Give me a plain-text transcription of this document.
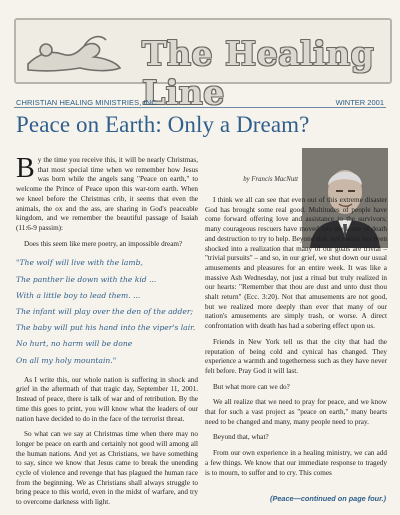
The Healing Line
CHRISTIAN HEALING MINISTRIES, INC.	WINTER 2001
Peace on Earth: Only a Dream?

By the time you receive this, it will be nearly Christmas, that most special time when we remember how Jesus was born while the angels sang "Peace on earth," to welcome the Prince of Peace upon this war-torn earth. When we kneel before the Christmas crib, it seems that even the animals, the ox and the ass, are sharing in God's peaceable kingdom, and we remember the beautiful passage of Isaiah (11:6-9 passim):

Does this seem like mere poetry, an impossible dream?

"The wolf will live with the lamb,
The panther lie down with the kid ...
With a little boy to lead them. ...
The infant will play over the den of the adder;
The baby will put his hand into the viper's lair.
No hurt, no harm will be done
On all my holy mountain."

As I write this, our whole nation is suffering in shock and grief in the aftermath of that tragic day, September 11, 2001. Instead of peace, there is talk of war and of retribution. By the time this goes to print, you will know what the leaders of our nation have decided to do in the face of the terrorist threat.

So what can we say at Christmas time when there may no longer be peace on earth and certainly not good will among all the human nations. And yet as Christians, we have something to say, since we know that Jesus came to break the unending cycle of violence and revenge that has plagued the human race from the beginning. We as Christians shall always struggle to bring peace to this world, even in the midst of warfare, and try to overcome darkness with light.

by Francis MacNutt

I think we all can see that even out of this extreme disaster God has brought some real good. Multitudes of people have come forward offering love and assistance to the survivors; many courageous rescuers have moved into the scene of death and destruction to try to help. Beyond that, our nation has been shocked into a realization that many of our goals are trivial – "trivial pursuits" – and so, in our grief, we shut down our usual amusements and pleasures for an entire week. It was like a massive Ash Wednesday, not just a ritual but truly realized in our hearts: "Remember that thou are dust and unto dust thou shalt return" (Ecc. 3:20). Not that amusements are not good, but we realized more deeply than ever that many of our nation's amusements are simply trash, or worse. A direct confrontation with death has had a sobering effect upon us.

Friends in New York tell us that the city that had the reputation of being cold and cynical has changed. They experience a warmth and togetherness such as they have never felt before. Pray God it will last.

But what more can we do?

We all realize that we need to pray for peace, and we know that for such a vast project as "peace on earth," many hearts need to be changed and many, many people need to pray.

Beyond that, what?

From our own experience in a healing ministry, we can add a few things. We know that our immediate response to tragedy is to mourn, to suffer and to cry. This comes

(Peace—continued on page four.)
